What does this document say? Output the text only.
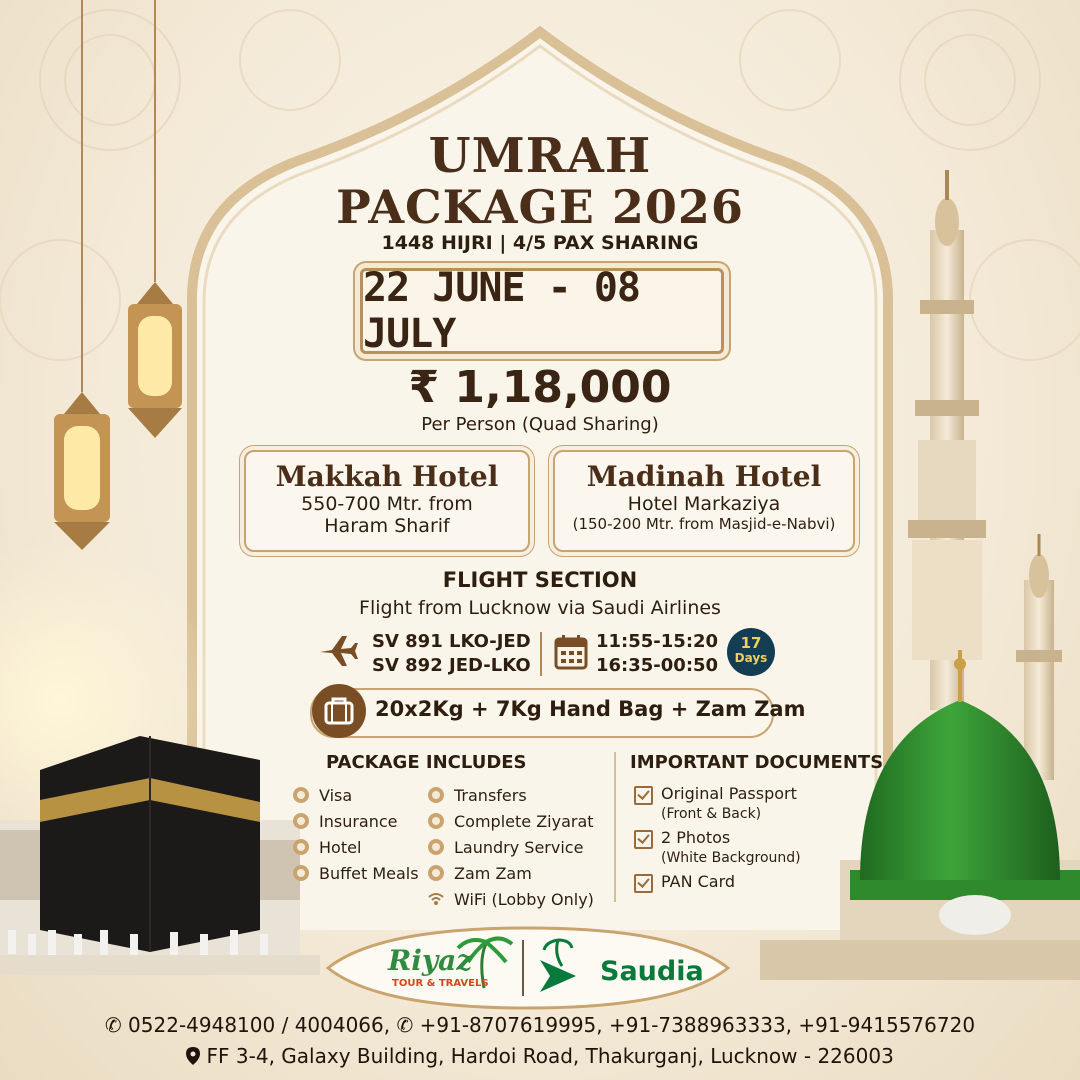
UMRAH
PACKAGE 2026
1448 HIJRI | 4/5 PAX SHARING
22 JUNE - 08 JULY
₹ 1,18,000
Per Person (Quad Sharing)
Makkah Hotel
550-700 Mtr. from
Haram Sharif
Madinah Hotel
Hotel Markaziya
(150-200 Mtr. from Masjid-e-Nabvi)
FLIGHT SECTION
Flight from Lucknow via Saudi Airlines
SV 891 LKO-JED
SV 892 JED-LKO
11:55-15:20
16:35-00:50
17
Days
20x2Kg + 7Kg Hand Bag + Zam Zam
PACKAGE INCLUDES
Visa
Insurance
Hotel
Buffet Meals
Transfers
Complete Ziyarat
Laundry Service
Zam Zam
WiFi (Lobby Only)
IMPORTANT DOCUMENTS
Original Passport
(Front & Back)
2 Photos
(White Background)
PAN Card
Riyaz
TOUR & TRAVELS	Saudia
✆ 0522-4948100 / 4004066, ✆ +91-8707619995, +91-7388963333, +91-9415576720
FF 3-4, Galaxy Building, Hardoi Road, Thakurganj, Lucknow - 226003
